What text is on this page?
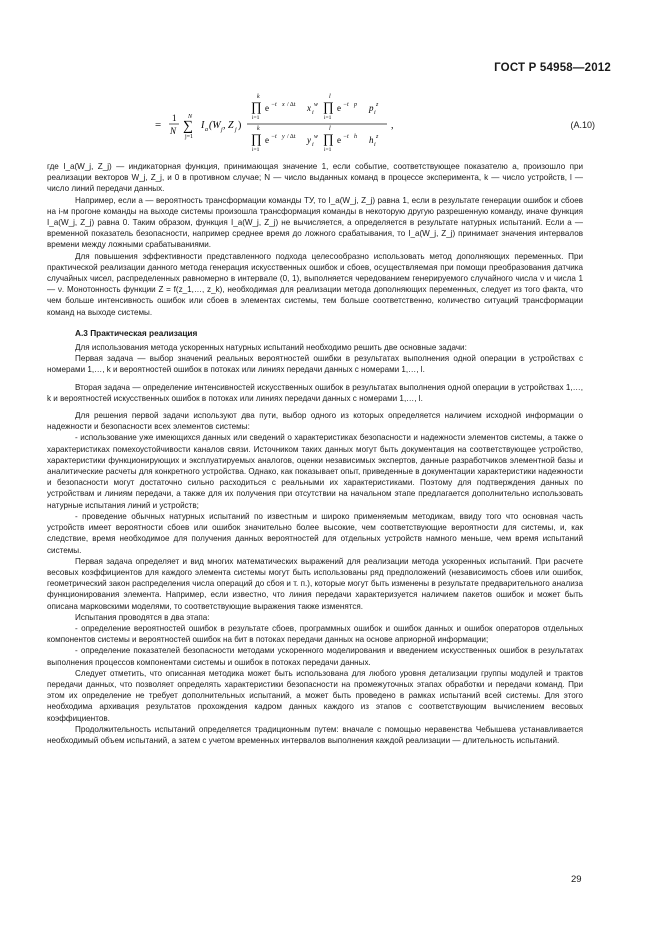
ГОСТ Р 54958—2012
=
1
N
N
∑
j=1
I a (W j , Z j )
k
∏ e −t x / Δt x i
w
l
∏ e −t p p i
z
i=1	i=1
k
∏ e −t y / Δt y i
w
l
∏ e −t h h i
z
i=1	i=1
,	(А.10)

где I_a(W_j, Z_j) — индикаторная функция, принимающая значение 1, если событие, соответствующее показателю a, произошло при реализации векторов W_j, Z_j, и 0 в противном случае; N — число выданных команд в процессе эксперимента, k — число устройств, l — число линий передачи данных.

Например, если a — вероятность трансформации команды ТУ, то I_a(W_j, Z_j) равна 1, если в результате генерации ошибок и сбоев на i-м прогоне команды на выходе системы произошла трансформация команды в некоторую другую разрешенную команду, иначе функция I_a(W_j, Z_j) равна 0. Таким образом, функция I_a(W_j, Z_j) не вычисляется, а определяется в результате натурных испытаний. Если a — временной показатель безопасности, например среднее время до ложного срабатывания, то I_a(W_j, Z_j) принимает значения интервалов времени между ложными срабатываниями.

Для повышения эффективности представленного подхода целесообразно использовать метод дополняющих переменных. При практической реализации данного метода генерация искусственных ошибок и сбоев, осуществляемая при помощи преобразования датчика случайных чисел, распределенных равномерно в интервале (0, 1), выполняется чередованием генерируемого случайного числа ν и числа 1 — ν. Монотонность функции Z = f(z_1,…, z_k), необходимая для реализации метода дополняющих переменных, следует из того факта, что чем больше интенсивность ошибок или сбоев в элементах системы, тем больше соответственно, количество ситуаций трансформации команд на выходе системы.

А.3 Практическая реализация

Для использования метода ускоренных натурных испытаний необходимо решить две основные задачи:

Первая задача — выбор значений реальных вероятностей ошибки в результатах выполнения одной операции в устройствах с номерами 1,…, k и вероятностей ошибок в потоках или линиях передачи данных с номерами 1,…, l.

Вторая задача — определение интенсивностей искусственных ошибок в результатах выполнения одной операции в устройствах 1,…, k и вероятностей искусственных ошибок в потоках или линиях передачи данных с номерами 1,…, l.

Для решения первой задачи используют два пути, выбор одного из которых определяется наличием исходной информации о надежности и безопасности всех элементов системы:

- использование уже имеющихся данных или сведений о характеристиках безопасности и надежности элементов системы, а также о характеристиках помехоустойчивости каналов связи. Источником таких данных могут быть документация на соответствующее устройство, характеристики функционирующих и эксплуатируемых аналогов, оценки независимых экспертов, данные разработчиков элементной базы и аналитические расчеты для конкретного устройства. Однако, как показывает опыт, приведенные в документации характеристики надежности и безопасности могут достаточно сильно расходиться с реальными их характеристиками. Поэтому для подтверждения данных по устройствам и линиям передачи, а также для их получения при отсутствии на начальном этапе предлагается дополнительно использовать натурные испытания линий и устройств;

- проведение обычных натурных испытаний по известным и широко применяемым методикам, ввиду того что основная часть устройств имеет вероятности сбоев или ошибок значительно более высокие, чем соответствующие вероятности для системы, и, как следствие, время необходимое для получения данных вероятностей для отдельных устройств намного меньше, чем время испытаний системы.

Первая задача определяет и вид многих математических выражений для реализации метода ускоренных испытаний. При расчете весовых коэффициентов для каждого элемента системы могут быть использованы ряд предположений (независимость сбоев или ошибок, геометрический закон распределения числа операций до сбоя и т. п.), которые могут быть изменены в результате предварительного анализа функционирования элемента. Например, если известно, что линия передачи характеризуется наличием пакетов ошибок и может быть описана марковскими моделями, то соответствующие выражения также изменятся.

Испытания проводятся в два этапа:

- определение вероятностей ошибок в результате сбоев, программных ошибок и ошибок данных и ошибок операторов отдельных компонентов системы и вероятностей ошибок на бит в потоках передачи данных на основе априорной информации;

- определение показателей безопасности методами ускоренного моделирования и введением искусственных ошибок в результатах выполнения процессов компонентами системы и ошибок в потоках передачи данных.

Следует отметить, что описанная методика может быть использована для любого уровня детализации группы модулей и трактов передачи данных, что позволяет определять характеристики безопасности на промежуточных этапах обработки и передачи команд. При этом их определение не требует дополнительных испытаний, а может быть проведено в рамках испытаний всей системы. Для этого необходима архивация результатов прохождения кадром данных каждого из этапов с соответствующим вычислением весовых коэффициентов.

Продолжительность испытаний определяется традиционным путем: вначале с помощью неравенства Чебышева устанавливается необходимый объем испытаний, а затем с учетом временных интервалов выполнения каждой реализации — длительность испытаний.

29
